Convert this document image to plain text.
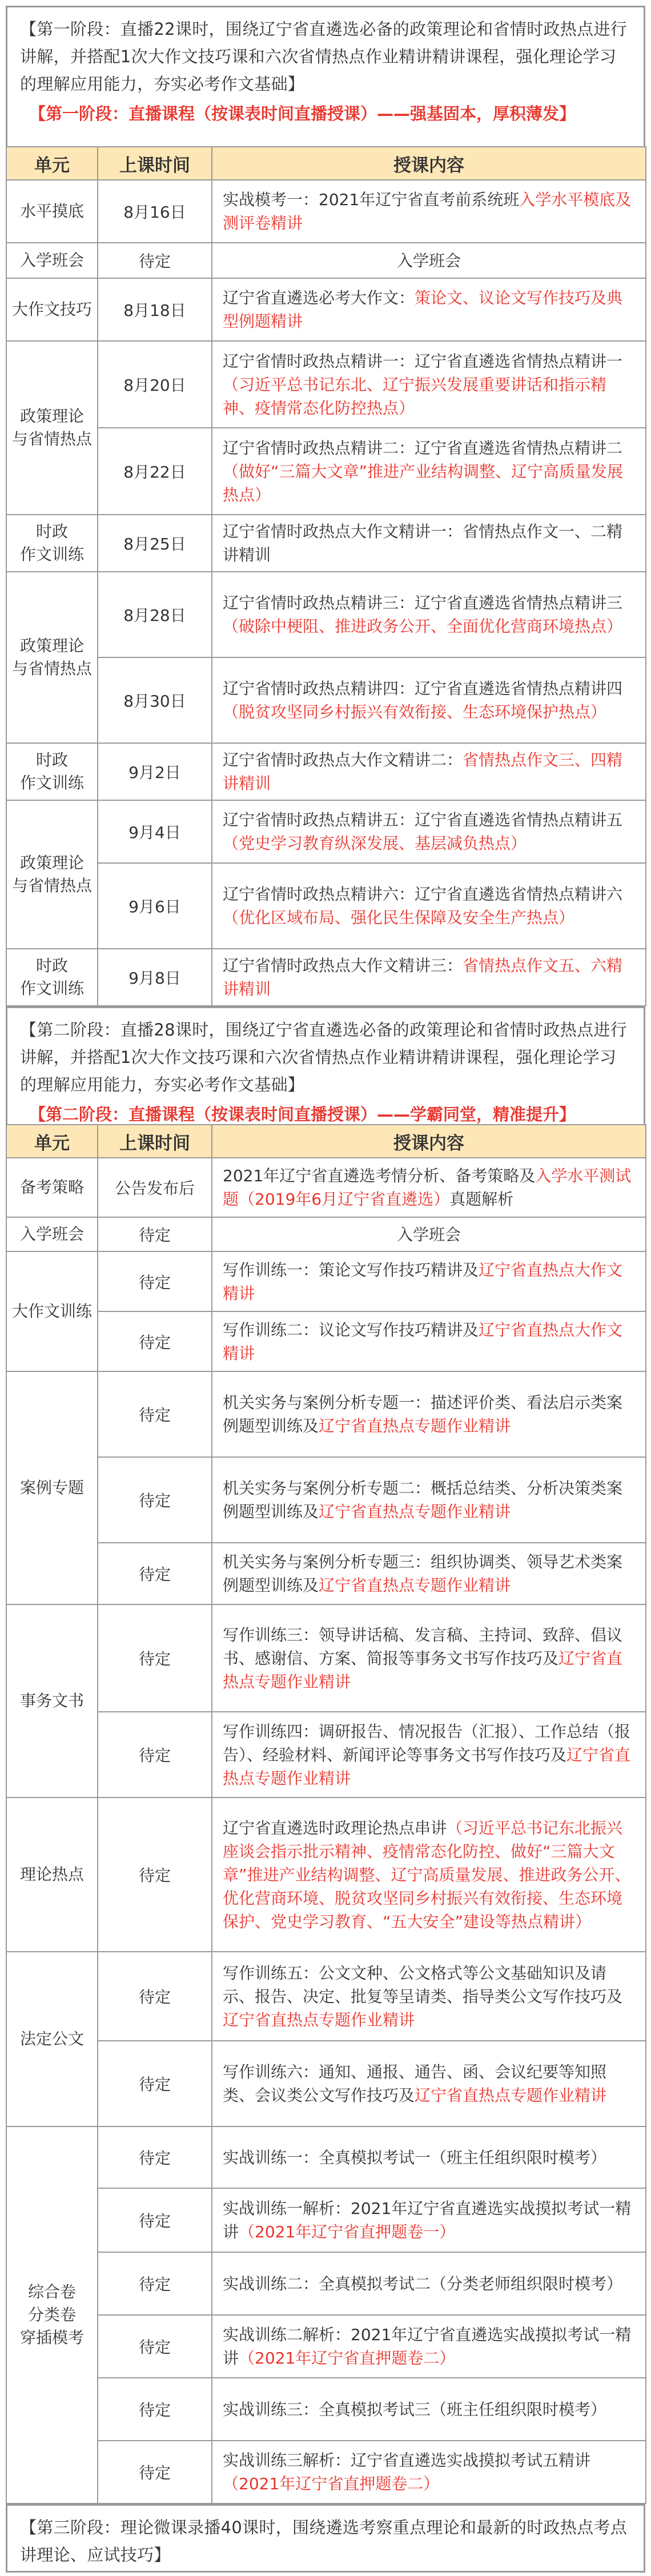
【第一阶段：直播22课时，围绕辽宁省直遴选必备的政策理论和省情时政热点进行讲解，并搭配1次大作文技巧课和六次省情热点作业精讲精讲课程，强化理论学习的理解应用能力，夯实必考作文基础】

【第一阶段：直播课程（按课表时间直播授课）——强基固本，厚积薄发】

单元	上课时间	授课内容
水平摸底	8月16日	实战模考一：2021年辽宁省直考前系统班入学水平模底及测评卷精讲
入学班会	待定	入学班会
大作文技巧	8月18日	辽宁省直遴选必考大作文：策论文、议论文写作技巧及典型例题精讲
政策理论
与省情热点	8月20日	辽宁省情时政热点精讲一：辽宁省直遴选省情热点精讲一（习近平总书记东北、辽宁振兴发展重要讲话和指示精神、疫情常态化防控热点）
	8月22日	辽宁省情时政热点精讲二：辽宁省直遴选省情热点精讲二（做好“三篇大文章”推进产业结构调整、辽宁高质量发展热点）
时政
作文训练	8月25日	辽宁省情时政热点大作文精讲一：省情热点作文一、二精讲精训
政策理论
与省情热点	8月28日	辽宁省情时政热点精讲三：辽宁省直遴选省情热点精讲三（破除中梗阻、推进政务公开、全面优化营商环境热点）
	8月30日	辽宁省情时政热点精讲四：辽宁省直遴选省情热点精讲四（脱贫攻坚同乡村振兴有效衔接、生态环境保护热点）
时政
作文训练	9月2日	辽宁省情时政热点大作文精讲二：省情热点作文三、四精讲精训
政策理论
与省情热点	9月4日	辽宁省情时政热点精讲五：辽宁省直遴选省情热点精讲五（党史学习教育纵深发展、基层减负热点）
	9月6日	辽宁省情时政热点精讲六：辽宁省直遴选省情热点精讲六（优化区域布局、强化民生保障及安全生产热点）
时政
作文训练	9月8日	辽宁省情时政热点大作文精讲三：省情热点作文五、六精讲精训

【第二阶段：直播28课时，围绕辽宁省直遴选必备的政策理论和省情时政热点进行讲解，并搭配1次大作文技巧课和六次省情热点作业精讲精讲课程，强化理论学习的理解应用能力，夯实必考作文基础】

【第二阶段：直播课程（按课表时间直播授课）——学霸同堂，精准提升】

单元	上课时间	授课内容
备考策略	公告发布后	2021年辽宁省直遴选考情分析、备考策略及入学水平测试题（2019年6月辽宁省直遴选）真题解析
入学班会	待定	入学班会
大作文训练	待定	写作训练一：策论文写作技巧精讲及辽宁省直热点大作文精讲
	待定	写作训练二：议论文写作技巧精讲及辽宁省直热点大作文精讲
案例专题	待定	机关实务与案例分析专题一：描述评价类、看法启示类案例题型训练及辽宁省直热点专题作业精讲
	待定	机关实务与案例分析专题二：概括总结类、分析决策类案例题型训练及辽宁省直热点专题作业精讲
	待定	机关实务与案例分析专题三：组织协调类、领导艺术类案例题型训练及辽宁省直热点专题作业精讲
事务文书	待定	写作训练三：领导讲话稿、发言稿、主持词、致辞、倡议书、感谢信、方案、简报等事务文书写作技巧及辽宁省直热点专题作业精讲
	待定	写作训练四：调研报告、情况报告（汇报）、工作总结（报告）、经验材料、新闻评论等事务文书写作技巧及辽宁省直热点专题作业精讲
理论热点	待定	辽宁省直遴选时政理论热点串讲（习近平总书记东北振兴座谈会指示批示精神、疫情常态化防控、做好“三篇大文章”推进产业结构调整、辽宁高质量发展、推进政务公开、优化营商环境、脱贫攻坚同乡村振兴有效衔接、生态环境保护、党史学习教育、“五大安全”建设等热点精讲）
法定公文	待定	写作训练五：公文文种、公文格式等公文基础知识及请示、报告、决定、批复等呈请类、指导类公文写作技巧及辽宁省直热点专题作业精讲
	待定	写作训练六：通知、通报、通告、函、会议纪要等知照类、会议类公文写作技巧及辽宁省直热点专题作业精讲
综合卷
分类卷
穿插模考	待定	实战训练一：全真模拟考试一（班主任组织限时模考）
	待定	实战训练一解析：2021年辽宁省直遴选实战摸拟考试一精讲（2021年辽宁省直押题卷一）
	待定	实战训练二：全真模拟考试二（分类老师组织限时模考）
	待定	实战训练二解析：2021年辽宁省直遴选实战摸拟考试一精讲（2021年辽宁省直押题卷二）
	待定	实战训练三：全真模拟考试三（班主任组织限时模考）
	待定	实战训练三解析：辽宁省直遴选实战摸拟考试五精讲（2021年辽宁省直押题卷二）

【第三阶段：理论微课录播40课时，围绕遴选考察重点理论和最新的时政热点考点讲理论、应试技巧】
